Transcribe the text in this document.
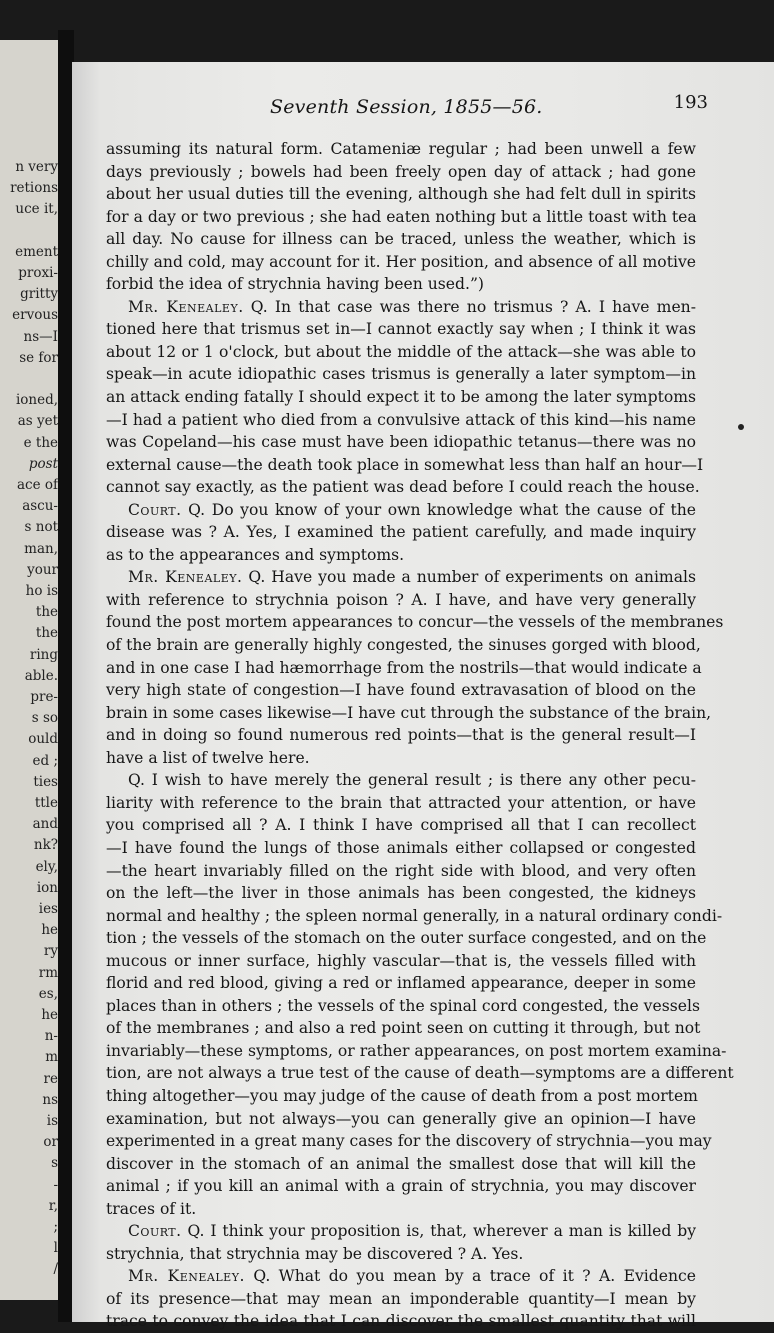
n very
retions
uce it,
ement
proxi-
gritty
ervous
ns—I
se for
ioned,
as yet
e the
post
ace of
ascu-
s not
man,
your
ho is
the
the
ring
able.
pre-
s so
ould
ed ;
ties
ttle
and
nk?
ely,
ion
ies
he
ry
rm
es,
he
n-
m
re
ns
is
or
s
-
r,
;
l
/
Seventh Session, 1855—56.	193
assuming its natural form. Catameniæ regular ; had been unwell a few
days previously ; bowels had been freely open day of attack ; had gone
about her usual duties till the evening, although she had felt dull in spirits
for a day or two previous ; she had eaten nothing but a little toast with tea
all day. No cause for illness can be traced, unless the weather, which is
chilly and cold, may account for it. Her position, and absence of all motive
forbid the idea of strychnia having been used.”)
Mr. Kenealey. Q. In that case was there no trismus ? A. I have men-
tioned here that trismus set in—I cannot exactly say when ; I think it was
about 12 or 1 o'clock, but about the middle of the attack—she was able to
speak—in acute idiopathic cases trismus is generally a later symptom—in
an attack ending fatally I should expect it to be among the later symptoms
—I had a patient who died from a convulsive attack of this kind—his name
was Copeland—his case must have been idiopathic tetanus—there was no
external cause—the death took place in somewhat less than half an hour—I
cannot say exactly, as the patient was dead before I could reach the house.
Court. Q. Do you know of your own knowledge what the cause of the
disease was ? A. Yes, I examined the patient carefully, and made inquiry
as to the appearances and symptoms.
Mr. Kenealey. Q. Have you made a number of experiments on animals
with reference to strychnia poison ? A. I have, and have very generally
found the post mortem appearances to concur—the vessels of the membranes
of the brain are generally highly congested, the sinuses gorged with blood,
and in one case I had hæmorrhage from the nostrils—that would indicate a
very high state of congestion—I have found extravasation of blood on the
brain in some cases likewise—I have cut through the substance of the brain,
and in doing so found numerous red points—that is the general result—I
have a list of twelve here.
Q. I wish to have merely the general result ; is there any other pecu-
liarity with reference to the brain that attracted your attention, or have
you comprised all ? A. I think I have comprised all that I can recollect
—I have found the lungs of those animals either collapsed or congested
—the heart invariably filled on the right side with blood, and very often
on the left—the liver in those animals has been congested, the kidneys
normal and healthy ; the spleen normal generally, in a natural ordinary condi-
tion ; the vessels of the stomach on the outer surface congested, and on the
mucous or inner surface, highly vascular—that is, the vessels filled with
florid and red blood, giving a red or inflamed appearance, deeper in some
places than in others ; the vessels of the spinal cord congested, the vessels
of the membranes ; and also a red point seen on cutting it through, but not
invariably—these symptoms, or rather appearances, on post mortem examina-
tion, are not always a true test of the cause of death—symptoms are a different
thing altogether—you may judge of the cause of death from a post mortem
examination, but not always—you can generally give an opinion—I have
experimented in a great many cases for the discovery of strychnia—you may
discover in the stomach of an animal the smallest dose that will kill the
animal ; if you kill an animal with a grain of strychnia, you may discover
traces of it.
Court. Q. I think your proposition is, that, wherever a man is killed by
strychnia, that strychnia may be discovered ? A. Yes.
Mr. Kenealey. Q. What do you mean by a trace of it ? A. Evidence
of its presence—that may mean an imponderable quantity—I mean by
trace to convey the idea that I can discover the smallest quantity that will
